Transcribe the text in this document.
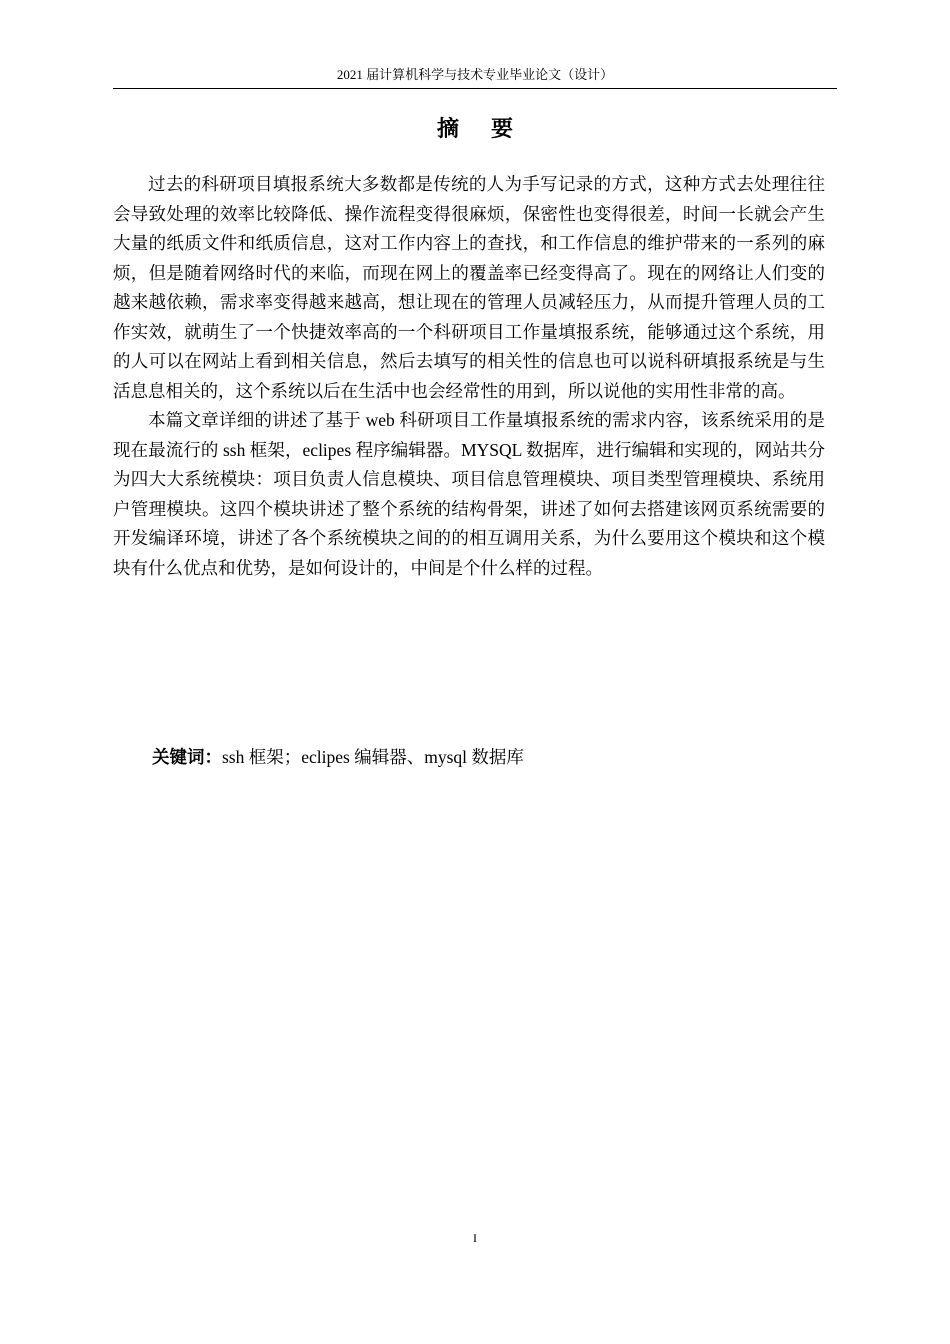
2021 届计算机科学与技术专业毕业论文（设计）
摘要

过去的科研项目填报系统大多数都是传统的人为手写记录的方式，这种方式去处理往往会导致处理的效率比较降低、操作流程变得很麻烦，保密性也变得很差，时间一长就会产生大量的纸质文件和纸质信息，这对工作内容上的查找，和工作信息的维护带来的一系列的麻烦，但是随着网络时代的来临，而现在网上的覆盖率已经变得高了。现在的网络让人们变的越来越依赖，需求率变得越来越高，想让现在的管理人员减轻压力，从而提升管理人员的工作实效，就萌生了一个快捷效率高的一个科研项目工作量填报系统，能够通过这个系统，用的人可以在网站上看到相关信息，然后去填写的相关性的信息也可以说科研填报系统是与生活息息相关的，这个系统以后在生活中也会经常性的用到，所以说他的实用性非常的高。

本篇文章详细的讲述了基于 web 科研项目工作量填报系统的需求内容，该系统采用的是现在最流行的 ssh 框架，eclipes 程序编辑器。MYSQL 数据库，进行编辑和实现的，网站共分为四大大系统模块：项目负责人信息模块、项目信息管理模块、项目类型管理模块、系统用户管理模块。这四个模块讲述了整个系统的结构骨架，讲述了如何去搭建该网页系统需要的开发编译环境，讲述了各个系统模块之间的的相互调用关系，为什么要用这个模块和这个模块有什么优点和优势，是如何设计的，中间是个什么样的过程。

关键词：ssh 框架；eclipes 编辑器、mysql 数据库
I
